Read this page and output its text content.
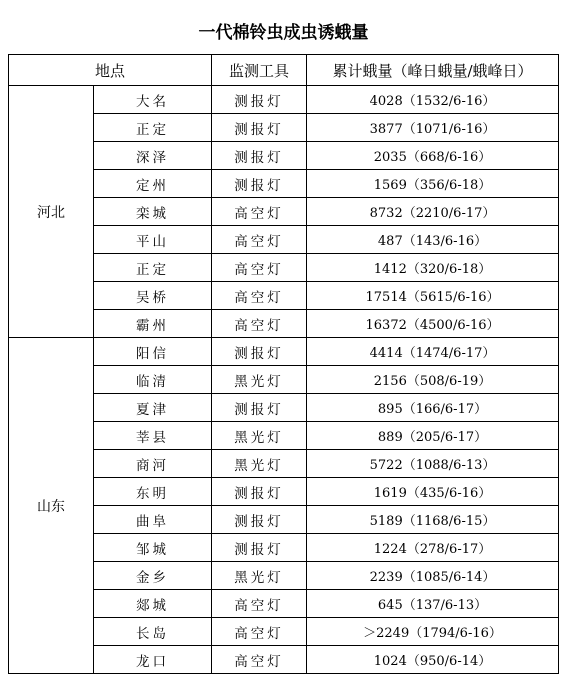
一代棉铃虫成虫诱蛾量
地点		监测工具	累计蛾量（峰日蛾量/蛾峰日）
河北	大名	测报灯	4028（1532/6-16）
	正定	测报灯	3877（1071/6-16）
	深泽	测报灯	2035（668/6-16）
	定州	测报灯	1569（356/6-18）
	栾城	高空灯	8732（2210/6-17）
	平山	高空灯	487（143/6-16）
	正定	高空灯	1412（320/6-18）
	吴桥	高空灯	17514（5615/6-16）
	霸州	高空灯	16372（4500/6-16）
山东	阳信	测报灯	4414（1474/6-17）
	临清	黑光灯	2156（508/6-19）
	夏津	测报灯	895（166/6-17）
	莘县	黑光灯	889（205/6-17）
	商河	黑光灯	5722（1088/6-13）
	东明	测报灯	1619（435/6-16）
	曲阜	测报灯	5189（1168/6-15）
	邹城	测报灯	1224（278/6-17）
	金乡	黑光灯	2239（1085/6-14）
	郯城	高空灯	645（137/6-13）
	长岛	高空灯	＞2249（1794/6-16）
	龙口	高空灯	1024（950/6-14）
